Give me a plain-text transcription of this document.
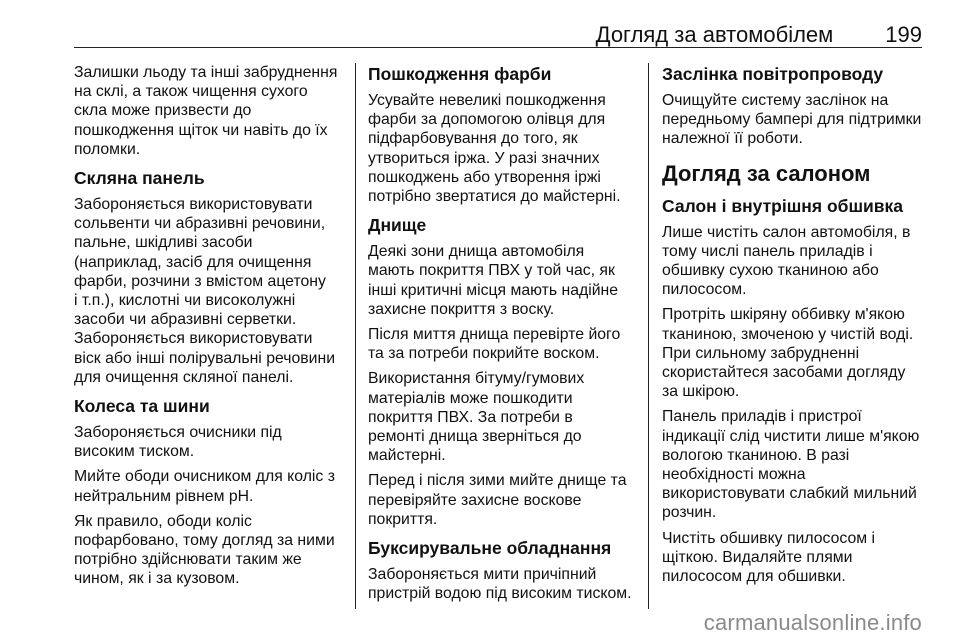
Догляд за автомобілем 199

Залишки льоду та інші забруднення
на склі, а також чищення сухого
скла може призвести до
пошкодження щіток чи навіть до їх
поломки.

Скляна панель

Забороняється використовувати
сольвенти чи абразивні речовини,
пальне, шкідливі засоби
(наприклад, засіб для очищення
фарби, розчини з вмістом ацетону
і т.п.), кислотні чи високолужні
засоби чи абразивні серветки.
Забороняється використовувати
віск або інші полірувальні речовини
для очищення скляної панелі.

Колеса та шини

Забороняється очисники під
високим тиском.

Мийте ободи очисником для коліс з
нейтральним рівнем pH.

Як правило, ободи коліс
пофарбовано, тому догляд за ними
потрібно здійснювати таким же
чином, як і за кузовом.

Пошкодження фарби

Усувайте невеликі пошкодження
фарби за допомогою олівця для
підфарбовування до того, як
утвориться іржа. У разі значних
пошкоджень або утворення іржі
потрібно звертатися до майстерні.

Днище

Деякі зони днища автомобіля
мають покриття ПВХ у той час, як
інші критичні місця мають надійне
захисне покриття з воску.

Після миття днища перевірте його
та за потреби покрийте воском.

Використання бітуму/гумових
матеріалів може пошкодити
покриття ПВХ. За потреби в
ремонті днища зверніться до
майстерні.

Перед і після зими мийте днище та
перевіряйте захисне воскове
покриття.

Буксирувальне обладнання

Забороняється мити причіпний
пристрій водою під високим тиском.

Заслінка повітропроводу

Очищуйте систему заслінок на
передньому бампері для підтримки
належної її роботи.

Догляд за салоном
Салон і внутрішня обшивка

Лише чистіть салон автомобіля, в
тому числі панель приладів і
обшивку сухою тканиною або
пилососом.

Протріть шкіряну оббивку м'якою
тканиною, змоченою у чистій воді.
При сильному забрудненні
скористайтеся засобами догляду
за шкірою.

Панель приладів і пристрої
індикації слід чистити лише м'якою
вологою тканиною. В разі
необхідності можна
використовувати слабкий мильний
розчин.

Чистіть обшивку пилососом і
щіткою. Видаляйте плями
пилососом для обшивки.

carmanualsonline.info
